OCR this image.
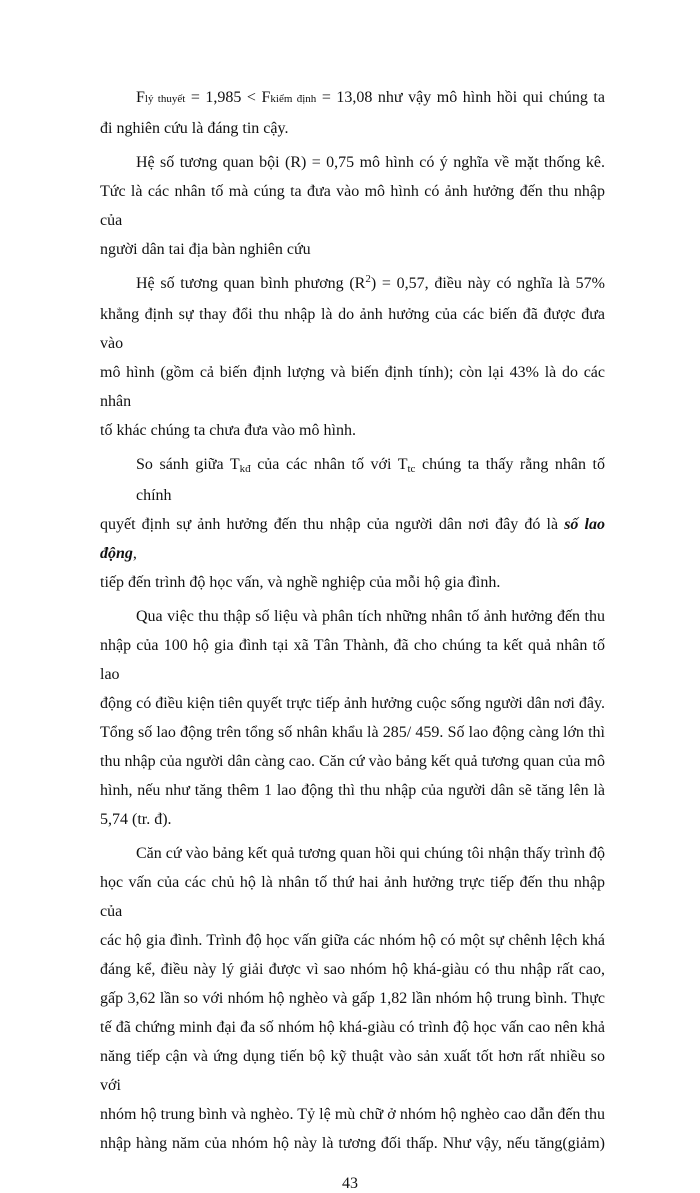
Flý thuyết = 1,985 < Fkiểm định = 13,08 như vậy mô hình hồi qui chúng ta
đi nghiên cứu là đáng tin cậy.
Hệ số tương quan bội (R) = 0,75 mô hình có ý nghĩa về mặt thống kê.
Tức là các nhân tố mà cúng ta đưa vào mô hình có ảnh hưởng đến thu nhập của
người dân tai địa bàn nghiên cứu
Hệ số tương quan bình phương $(R^2) = 0,57$, điều này có nghĩa là 57%
khẳng định sự thay đổi thu nhập là do ảnh hưởng của các biến đã được đưa vào
mô hình (gồm cả biến định lượng và biến định tính); còn lại 43% là do các nhân
tố khác chúng ta chưa đưa vào mô hình.
So sánh giữa Tkđ của các nhân tố với Ttc chúng ta thấy rằng nhân tố chính
quyết định sự ảnh hưởng đến thu nhập của người dân nơi đây đó là số lao động,
tiếp đến trình độ học vấn, và nghề nghiệp của mỗi hộ gia đình.
Qua việc thu thập số liệu và phân tích những nhân tố ảnh hưởng đến thu
nhập của 100 hộ gia đình tại xã Tân Thành, đã cho chúng ta kết quả nhân tố lao
động có điều kiện tiên quyết trực tiếp ảnh hưởng cuộc sống người dân nơi đây.
Tổng số lao động trên tổng số nhân khẩu là 285/ 459. Số lao động càng lớn thì
thu nhập của người dân càng cao. Căn cứ vào bảng kết quả tương quan của mô
hình, nếu như tăng thêm 1 lao động thì thu nhập của người dân sẽ tăng lên là
5,74 (tr. đ).
Căn cứ vào bảng kết quả tương quan hồi qui chúng tôi nhận thấy trình độ
học vấn của các chủ hộ là nhân tố thứ hai ảnh hưởng trực tiếp đến thu nhập của
các hộ gia đình. Trình độ học vấn giữa các nhóm hộ có một sự chênh lệch khá
đáng kể, điều này lý giải được vì sao nhóm hộ khá-giàu có thu nhập rất cao,
gấp 3,62 lần so với nhóm hộ nghèo và gấp 1,82 lần nhóm hộ trung bình. Thực
tế đã chứng minh đại đa số nhóm hộ khá-giàu có trình độ học vấn cao nên khả
năng tiếp cận và ứng dụng tiến bộ kỹ thuật vào sản xuất tốt hơn rất nhiều so với
nhóm hộ trung bình và nghèo. Tỷ lệ mù chữ ở nhóm hộ nghèo cao dẫn đến thu
nhập hàng năm của nhóm hộ này là tương đối thấp. Như vậy, nếu tăng(giảm)
43
